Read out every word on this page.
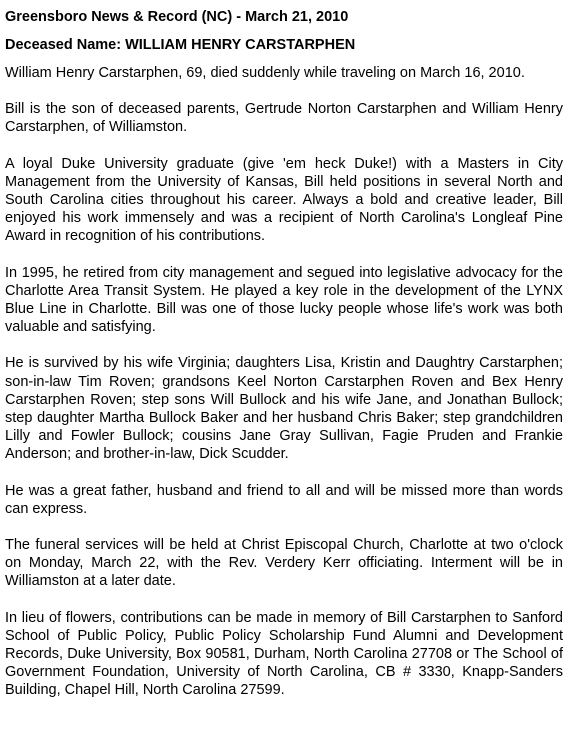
Greensboro News & Record (NC) - March 21, 2010
Deceased Name: WILLIAM HENRY CARSTARPHEN

William Henry Carstarphen, 69, died suddenly while traveling on March 16, 2010.

Bill is the son of deceased parents, Gertrude Norton Carstarphen and William Henry Carstarphen, of Williamston.

A loyal Duke University graduate (give 'em heck Duke!) with a Masters in City Management from the University of Kansas, Bill held positions in several North and South Carolina cities throughout his career. Always a bold and creative leader, Bill enjoyed his work immensely and was a recipient of North Carolina's Longleaf Pine Award in recognition of his contributions.

In 1995, he retired from city management and segued into legislative advocacy for the Charlotte Area Transit System. He played a key role in the development of the LYNX Blue Line in Charlotte. Bill was one of those lucky people whose life's work was both valuable and satisfying.

He is survived by his wife Virginia; daughters Lisa, Kristin and Daughtry Carstarphen; son-in-law Tim Roven; grandsons Keel Norton Carstarphen Roven and Bex Henry Carstarphen Roven; step sons Will Bullock and his wife Jane, and Jonathan Bullock; step daughter Martha Bullock Baker and her husband Chris Baker; step grandchildren Lilly and Fowler Bullock; cousins Jane Gray Sullivan, Fagie Pruden and Frankie Anderson; and brother-in-law, Dick Scudder.

He was a great father, husband and friend to all and will be missed more than words can express.

The funeral services will be held at Christ Episcopal Church, Charlotte at two o'clock on Monday, March 22, with the Rev. Verdery Kerr officiating. Interment will be in Williamston at a later date.

In lieu of flowers, contributions can be made in memory of Bill Carstarphen to Sanford School of Public Policy, Public Policy Scholarship Fund Alumni and Development Records, Duke University, Box 90581, Durham, North Carolina 27708 or The School of Government Foundation, University of North Carolina, CB # 3330, Knapp-Sanders Building, Chapel Hill, North Carolina 27599.
